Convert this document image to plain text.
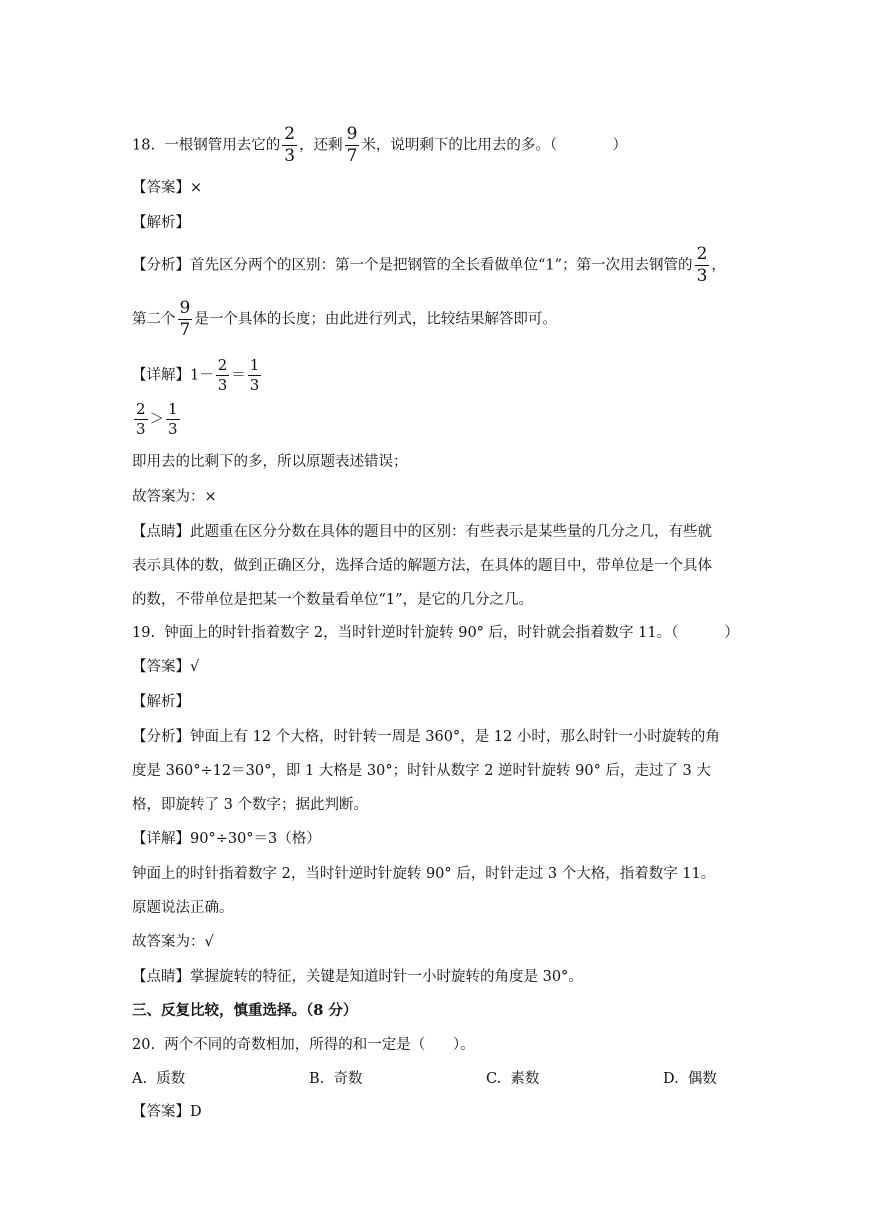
18.  一根钢管用去它的 $\frac{2}{3}$ ，还剩 $\frac{9}{7}$ 米，说明剩下的比用去的多。（            ）
【答案】×
【解析】
【分析】首先区分两个的区别：第一个是把钢管的全长看做单位“1”；第一次用去钢管的 $\frac{2}{3}$ ，
第二个 $\frac{9}{7}$ 是一个具体的长度；由此进行列式，比较结果解答即可。
【详解】$1- \frac{2}{3} = \frac{1}{3}$
$\frac{2}{3} > \frac{1}{3}$
即用去的比剩下的多，所以原题表述错误；
故答案为：×
【点睛】此题重在区分分数在具体的题目中的区别：有些表示是某些量的几分之几，有些就
表示具体的数，做到正确区分，选择合适的解题方法，在具体的题目中，带单位是一个具体
的数，不带单位是把某一个数量看单位“1”，是它的几分之几。
19.  钟面上的时针指着数字 2，当时针逆时针旋转 90° 后，时针就会指着数字 11。（          ）
【答案】√
【解析】
【分析】钟面上有 12 个大格，时针转一周是 360°，是 12 小时，那么时针一小时旋转的角
度是 360°÷12＝30°，即 1 大格是 30°；时针从数字 2 逆时针旋转 90° 后，走过了 3 大
格，即旋转了 3 个数字；据此判断。
【详解】90°÷30°＝3（格）
钟面上的时针指着数字 2，当时针逆时针旋转 90° 后，时针走过 3 个大格，指着数字 11。
原题说法正确。
故答案为：√
【点睛】掌握旋转的特征，关键是知道时针一小时旋转的角度是 30°。
三、反复比较，慎重选择。（8 分）
20.  两个不同的奇数相加，所得的和一定是（      ）。
A.  质数	B.  奇数	C.  素数	D.  偶数
【答案】D
